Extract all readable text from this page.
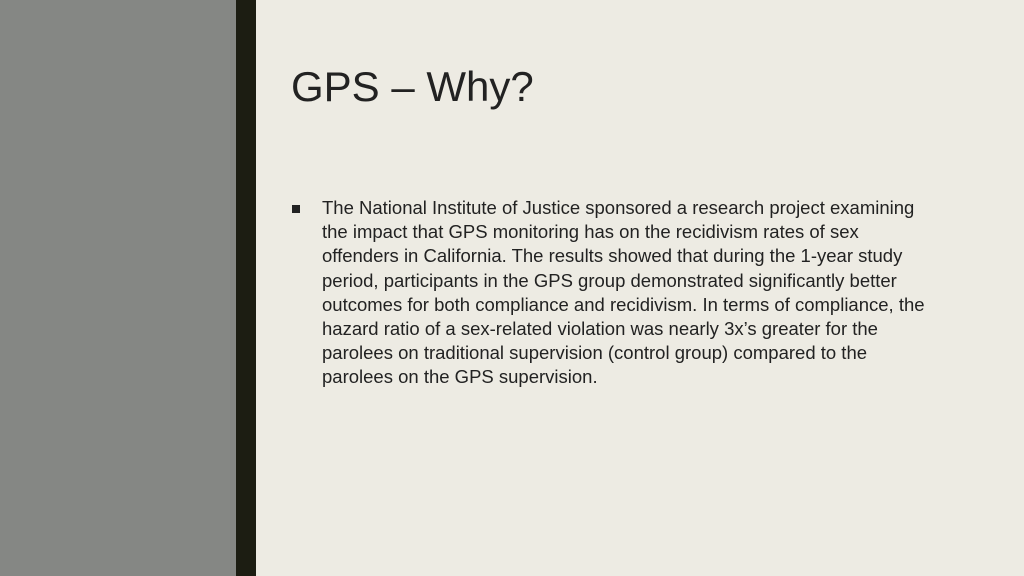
GPS – Why?
The National Institute of Justice sponsored a research project examining the impact that GPS monitoring has on the recidivism rates of sex offenders in California. The results showed that during the 1-year study period, participants in the GPS group demonstrated significantly better outcomes for both compliance and recidivism. In terms of compliance, the hazard ratio of a sex-related violation was nearly 3x’s greater for the parolees on traditional supervision (control group) compared to the parolees on the GPS supervision.
